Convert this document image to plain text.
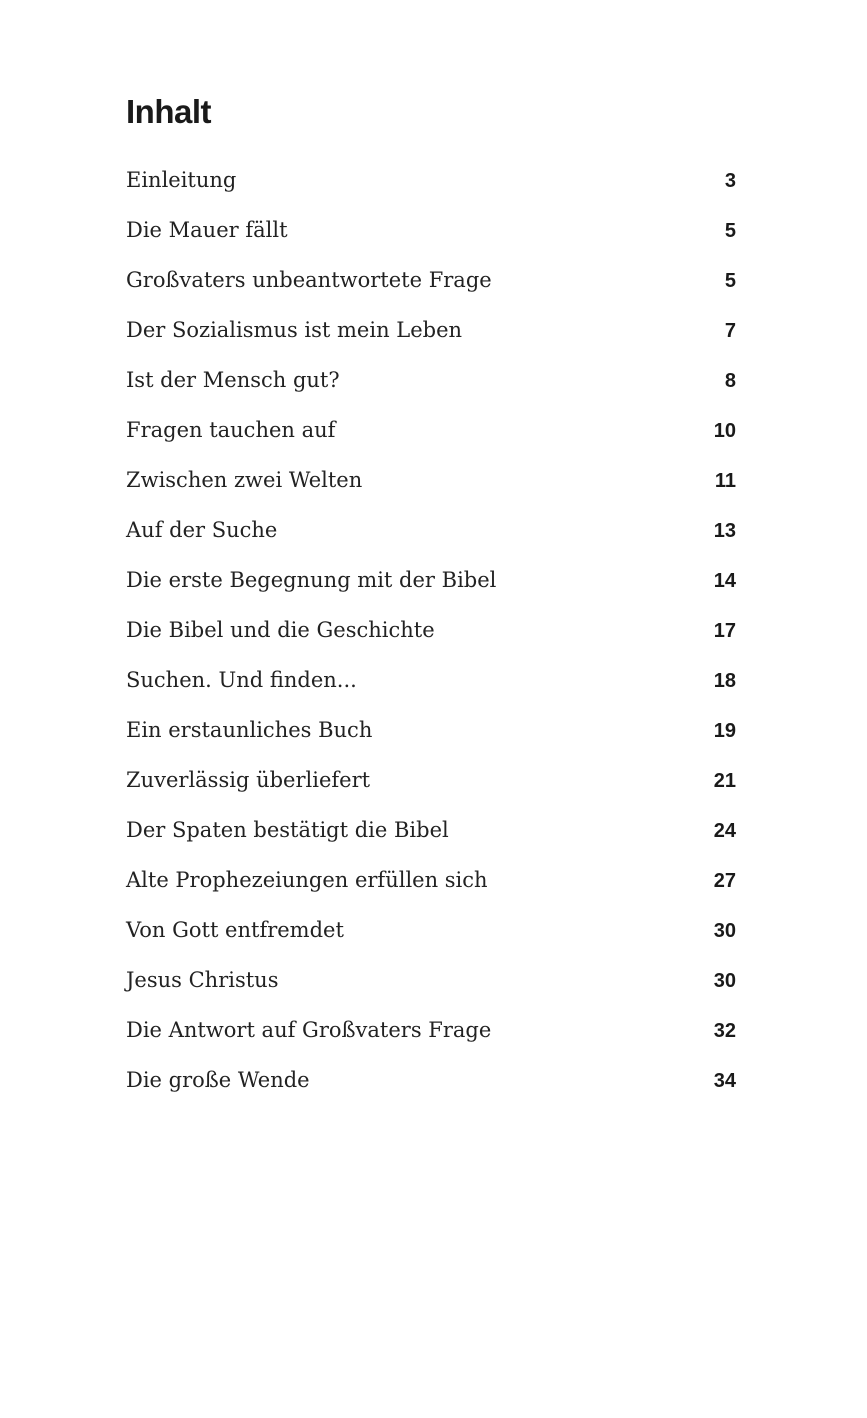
Inhalt
Einleitung	3
Die Mauer fällt	5
Großvaters unbeantwortete Frage	5
Der Sozialismus ist mein Leben	7
Ist der Mensch gut?	8
Fragen tauchen auf	10
Zwischen zwei Welten	11
Auf der Suche	13
Die erste Begegnung mit der Bibel	14
Die Bibel und die Geschichte	17
Suchen. Und finden...	18
Ein erstaunliches Buch	19
Zuverlässig überliefert	21
Der Spaten bestätigt die Bibel	24
Alte Prophezeiungen erfüllen sich	27
Von Gott entfremdet	30
Jesus Christus	30
Die Antwort auf Großvaters Frage	32
Die große Wende	34
